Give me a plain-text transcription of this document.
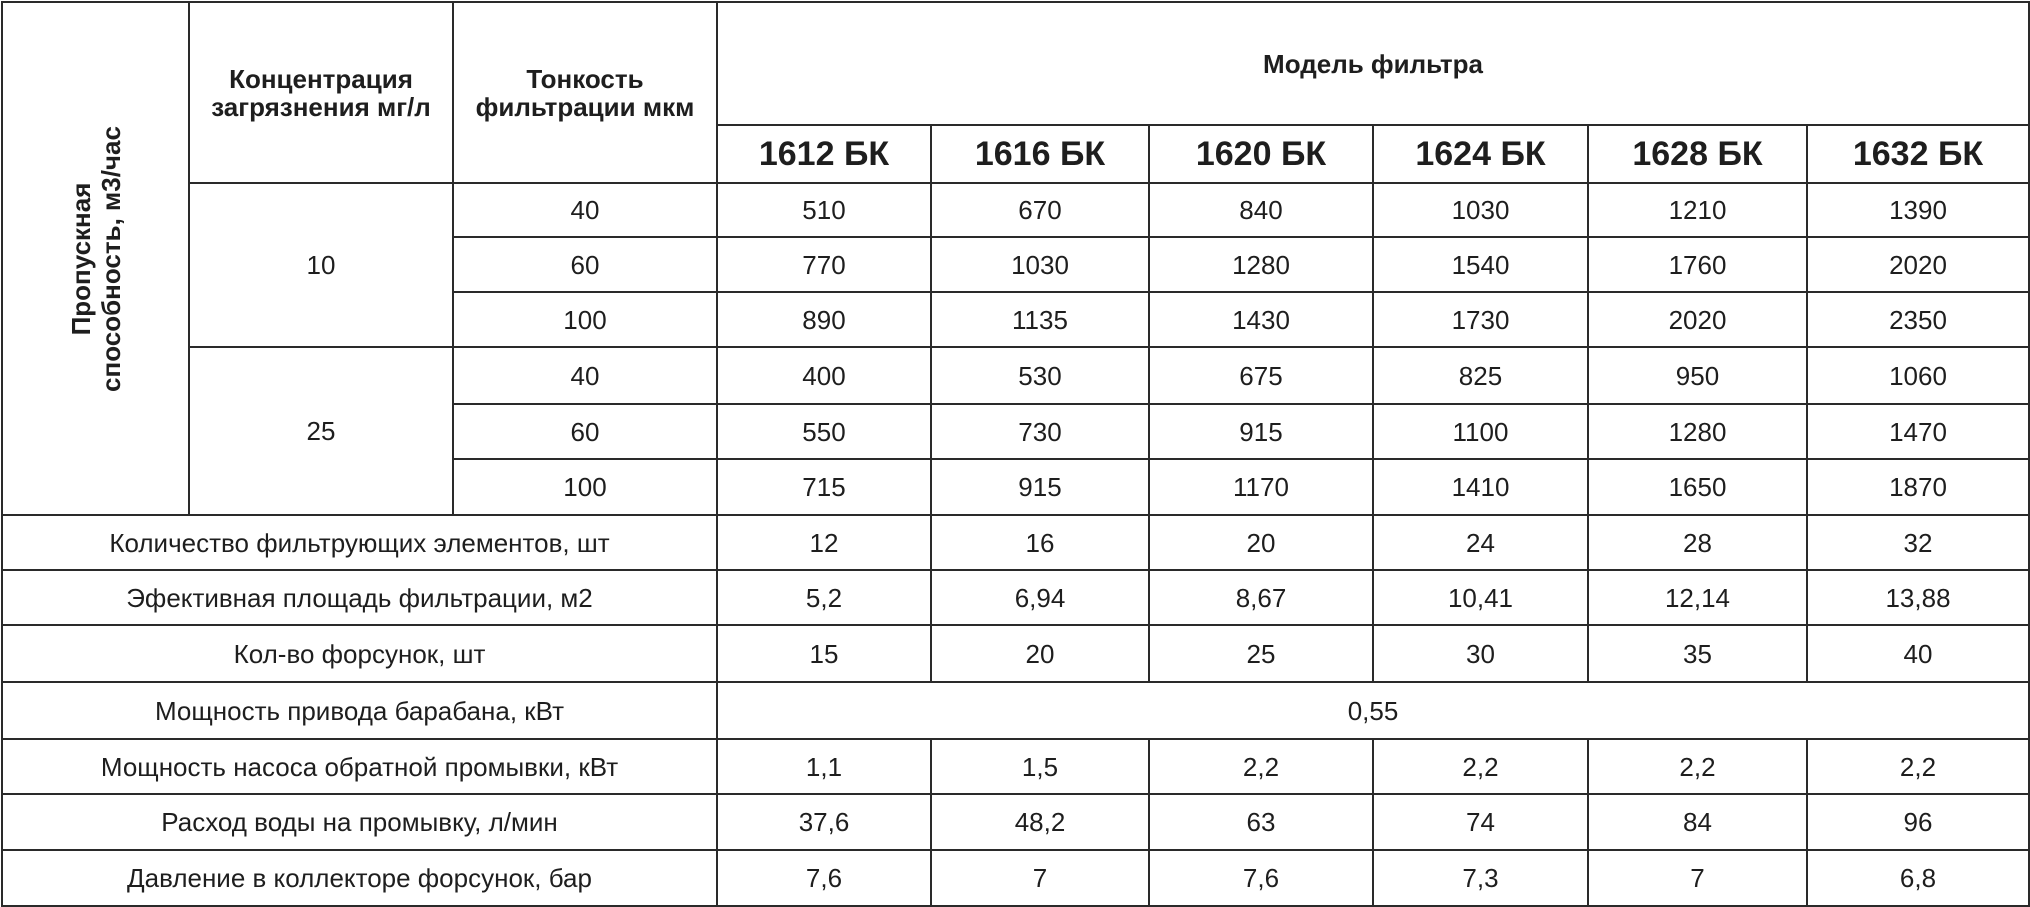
Пропускная способность, м3/час	Концентрация загрязнения мг/л	Тонкость фильтрации мкм	Модель фильтра					
			1612 БК	1616 БК	1620 БК	1624 БК	1628 БК	1632 БК
	10	40	510	670	840	1030	1210	1390
		60	770	1030	1280	1540	1760	2020
		100	890	1135	1430	1730	2020	2350
	25	40	400	530	675	825	950	1060
		60	550	730	915	1100	1280	1470
		100	715	915	1170	1410	1650	1870
Количество фильтрующих элементов, шт			12	16	20	24	28	32
Эфективная площадь фильтрации, м2			5,2	6,94	8,67	10,41	12,14	13,88
Кол-во форсунок, шт			15	20	25	30	35	40
Мощность привода барабана, кВт			0,55					
Мощность насоса обратной промывки, кВт			1,1	1,5	2,2	2,2	2,2	2,2
Расход воды на промывку, л/мин			37,6	48,2	63	74	84	96
Давление в коллекторе форсунок, бар			7,6	7	7,6	7,3	7	6,8
